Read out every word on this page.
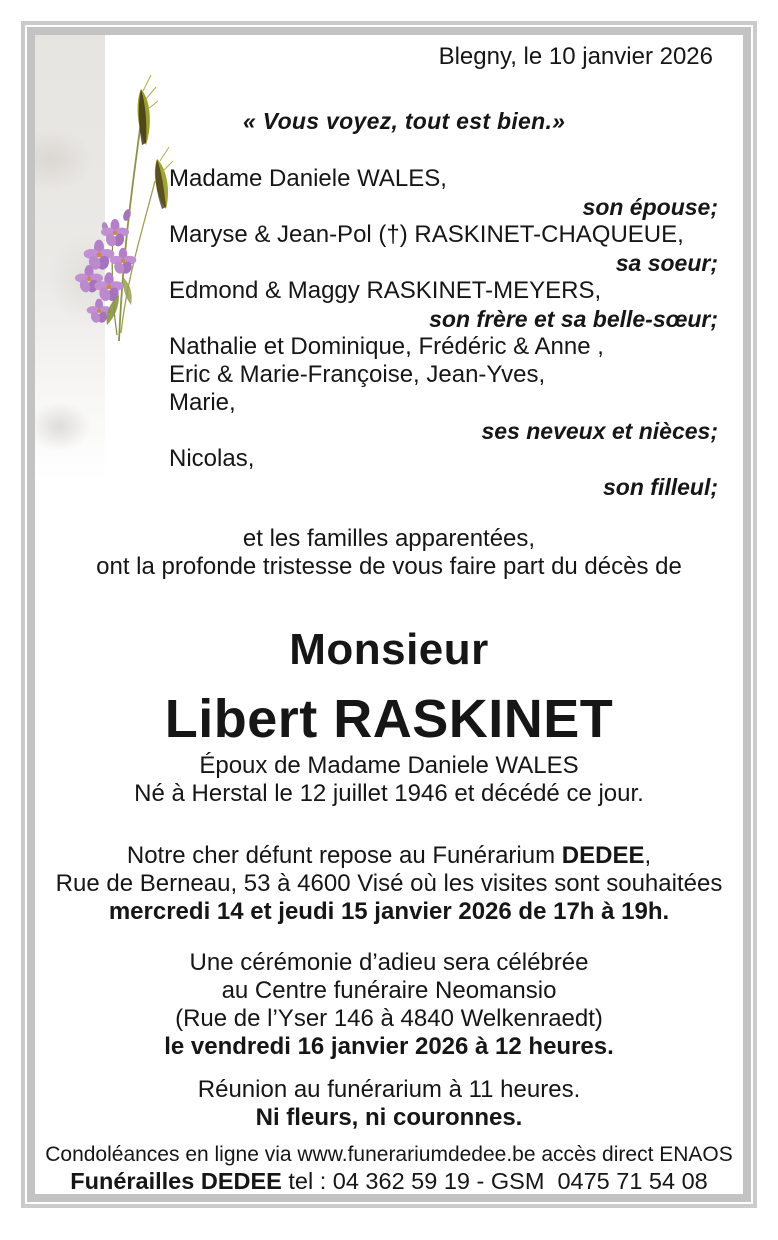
Blegny, le 10 janvier 2026
« Vous voyez, tout est bien.»
Madame Daniele WALES,
son épouse;
Maryse & Jean-Pol (†) RASKINET-CHAQUEUE,
sa soeur;
Edmond & Maggy RASKINET-MEYERS,
son frère et sa belle-sœur;
Nathalie et Dominique, Frédéric & Anne ,
Eric & Marie-Françoise, Jean-Yves,
Marie,
ses neveux et nièces;
Nicolas,
son filleul;
et les familles apparentées,
ont la profonde tristesse de vous faire part du décès de
Monsieur
Libert RASKINET
Époux de Madame Daniele WALES
Né à Herstal le 12 juillet 1946 et décédé ce jour.
Notre cher défunt repose au Funérarium DEDEE,
Rue de Berneau, 53 à 4600 Visé où les visites sont souhaitées
mercredi 14 et jeudi 15 janvier 2026 de 17h à 19h.
Une cérémonie d’adieu sera célébrée
au Centre funéraire Neomansio
(Rue de l’Yser 146 à 4840 Welkenraedt)
le vendredi 16 janvier 2026 à 12 heures.
Réunion au funérarium à 11 heures.
Ni fleurs, ni couronnes.
Condoléances en ligne via www.funerariumdedee.be accès direct ENAOS
Funérailles DEDEE tel : 04 362 59 19 - GSM  0475 71 54 08
